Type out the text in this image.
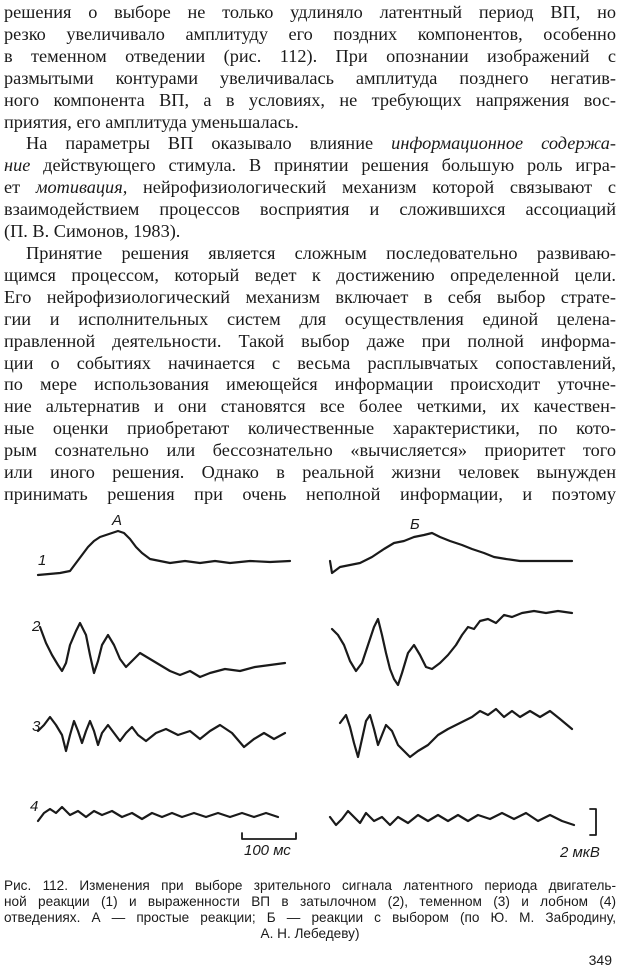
решения о выборе не только удлиняло латентный период ВП, но
резко увеличивало амплитуду его поздних компонентов, особенно
в теменном отведении (рис. 112). При опознании изображений с
размытыми контурами увеличивалась амплитуда позднего негатив-
ного компонента ВП, а в условиях, не требующих напряжения вос-
приятия, его амплитуда уменьшалась.

На параметры ВП оказывало влияние информационное содержа-
ние действующего стимула. В принятии решения большую роль игра-
ет мотивация, нейрофизиологический механизм которой связывают с
взаимодействием процессов восприятия и сложившихся ассоциаций
(П. В. Симонов, 1983).

Принятие решения является сложным последовательно развиваю-
щимся процессом, который ведет к достижению определенной цели.
Его нейрофизиологический механизм включает в себя выбор страте-
гии и исполнительных систем для осуществления единой целена-
правленной деятельности. Такой выбор даже при полной информа-
ции о событиях начинается с весьма расплывчатых сопоставлений,
по мере использования имеющейся информации происходит уточне-
ние альтернатив и они становятся все более четкими, их качествен-
ные оценки приобретают количественные характеристики, по кото-
рым сознательно или бессознательно «вычисляется» приоритет того
или иного решения. Однако в реальной жизни человек вынужден
принимать решения при очень неполной информации, и поэтому

А	Б
1
2
3
4
100 мс	2 мкВ
Рис. 112. Изменения при выборе зрительного сигнала латентного периода двигатель-
ной реакции (1) и выраженности ВП в затылочном (2), теменном (3) и лобном (4)
отведениях. А — простые реакции; Б — реакции с выбором (по Ю. М. Забродину,
А. Н. Лебедеву)
349
